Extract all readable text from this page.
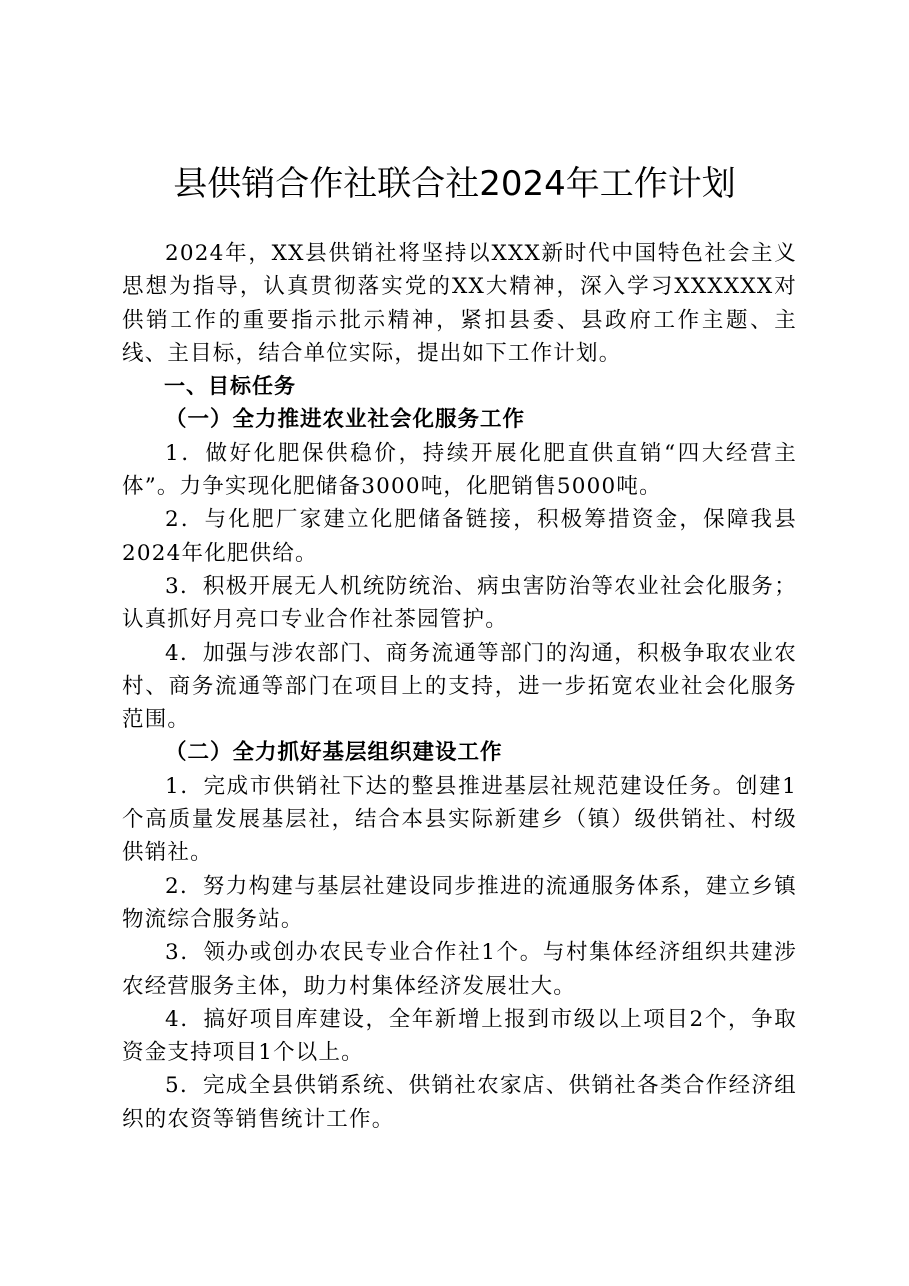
县供销合作社联合社2024年工作计划

2024年，XX县供销社将坚持以XXX新时代中国特色社会主义思想为指导，认真贯彻落实党的XX大精神，深入学习XXXXXX对供销工作的重要指示批示精神，紧扣县委、县政府工作主题、主线、主目标，结合单位实际，提出如下工作计划。

一、目标任务

（一）全力推进农业社会化服务工作

1．做好化肥保供稳价，持续开展化肥直供直销“四大经营主体”。力争实现化肥储备3000吨，化肥销售5000吨。

2．与化肥厂家建立化肥储备链接，积极筹措资金，保障我县2024年化肥供给。

3．积极开展无人机统防统治、病虫害防治等农业社会化服务；认真抓好月亮口专业合作社茶园管护。

4．加强与涉农部门、商务流通等部门的沟通，积极争取农业农村、商务流通等部门在项目上的支持，进一步拓宽农业社会化服务范围。

（二）全力抓好基层组织建设工作

1．完成市供销社下达的整县推进基层社规范建设任务。创建1个高质量发展基层社，结合本县实际新建乡（镇）级供销社、村级供销社。

2．努力构建与基层社建设同步推进的流通服务体系，建立乡镇物流综合服务站。

3．领办或创办农民专业合作社1个。与村集体经济组织共建涉农经营服务主体，助力村集体经济发展壮大。

4．搞好项目库建设，全年新增上报到市级以上项目2个，争取资金支持项目1个以上。

5．完成全县供销系统、供销社农家店、供销社各类合作经济组织的农资等销售统计工作。
